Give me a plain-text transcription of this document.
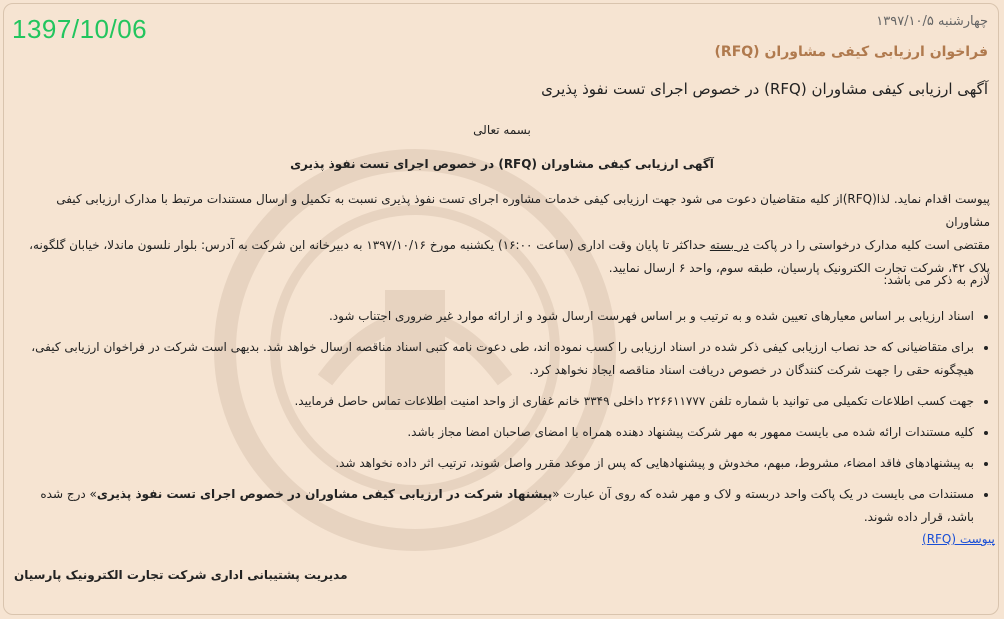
1397/10/06	چهارشنبه ۱۳۹۷/۱۰/۵
فراخوان ارزیابی کیفی مشاوران (RFQ)
آگهی ارزیابی کیفی مشاوران (RFQ) در خصوص اجرای تست نفوذ پذیری
بسمه تعالی
آگهی ارزیابی کیفی مشاوران (RFQ) در خصوص اجرای تست نفوذ پذیری
پیوست اقدام نماید. لذا(RFQ)از کلیه متقاضیان دعوت می شود جهت ارزیابی کیفی خدمات مشاوره اجرای تست نفوذ پذیری نسبت به تکمیل و ارسال مستندات مرتبط با مدارک ارزیابی کیفی مشاوران
مقتضی است کلیه مدارک درخواستی را در پاکت در بسته حداکثر تا پایان وقت اداری (ساعت ۱۶:۰۰) یکشنبه مورخ ۱۳۹۷/۱۰/۱۶ به دبیرخانه این شرکت به آدرس: بلوار نلسون ماندلا، خیابان گلگونه،
پلاک ۴۲، شرکت تجارت الکترونیک پارسیان، طبقه سوم، واحد ۶ ارسال نمایید.
لازم به ذکر می باشد:
• اسناد ارزیابی بر اساس معیارهای تعیین شده و به ترتیب و بر اساس فهرست ارسال شود و از ارائه موارد غیر ضروری اجتناب شود.
• برای متقاضیانی که حد نصاب ارزیابی کیفی ذکر شده در اسناد ارزیابی را کسب نموده اند، طی دعوت نامه کتبی اسناد مناقصه ارسال خواهد شد. بدیهی است شرکت در فراخوان ارزیابی کیفی، هیچگونه حقی را جهت شرکت کنندگان در خصوص دریافت اسناد مناقصه ایجاد نخواهد کرد.
• جهت کسب اطلاعات تکمیلی می توانید با شماره تلفن ۲۲۶۶۱۱۷۷۷ داخلی ۳۳۴۹ خانم غفاری از واحد امنیت اطلاعات تماس حاصل فرمایید.
• کلیه مستندات ارائه شده می بایست ممهور به مهر شرکت پیشنهاد دهنده همراه با امضای صاحبان امضا مجاز باشد.
• به پیشنهادهای فاقد امضاء، مشروط، مبهم، مخدوش و پیشنهادهایی که پس از موعد مقرر واصل شوند، ترتیب اثر داده نخواهد شد.
• مستندات می بایست در یک پاکت واحد دربسته و لاک و مهر شده که روی آن عبارت «پیشنهاد شرکت در ارزیابی کیفی مشاوران در خصوص اجرای تست نفوذ پذیری» درج شده باشد، قرار داده شوند.
پیوست (RFQ)
مدیریت پشتیبانی اداری شرکت تجارت الکترونیک پارسیان
